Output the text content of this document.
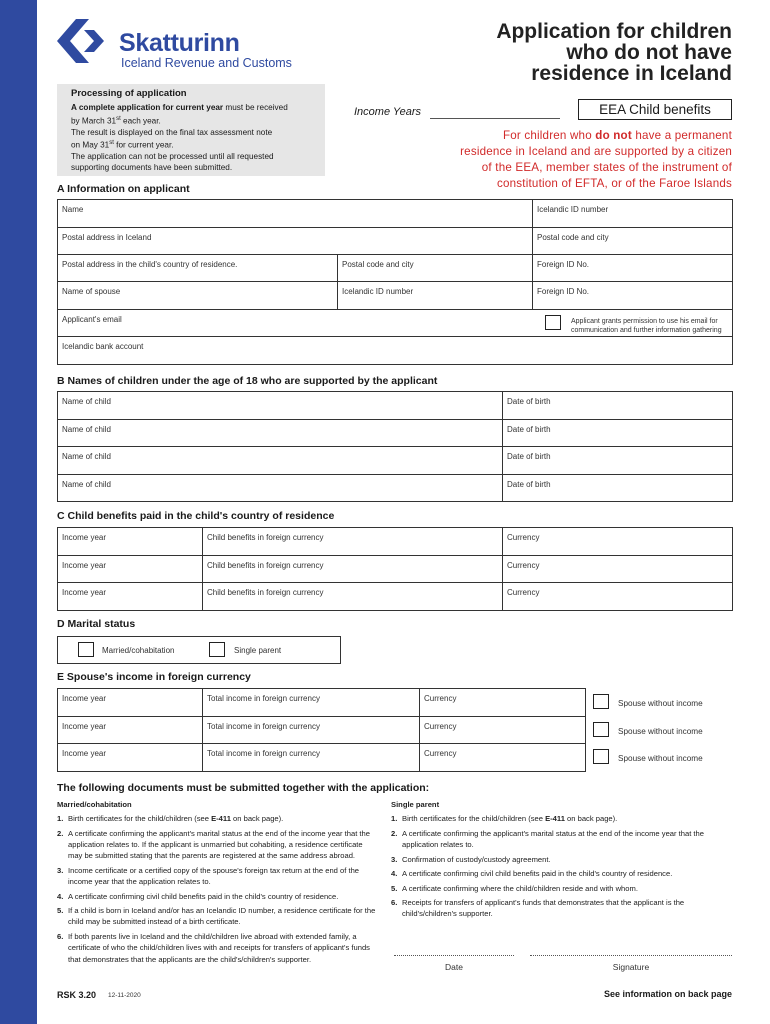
Skatturinn
Iceland Revenue and Customs
Application for children
who do not have
residence in Iceland
Processing of application
A complete application for current year must be received
by March 31st each year.
The result is displayed on the final tax assessment note
on May 31st for current year.
The application can not be processed until all requested
supporting documents have been submitted.
Income Years	EEA Child benefits
For children who do not have a permanent
residence in Iceland and are supported by a citizen
of the EEA, member states of the instrument of
constitution of EFTA, or of the Faroe Islands
A Information on applicant
Name	Icelandic ID number
Postal address in Iceland	Postal code and city
Postal address in the child's country of residence.	Postal code and city	Foreign ID No.
Name of spouse	Icelandic ID number	Foreign ID No.
Applicant's email	Applicant grants permission to use his email for
communication and further information gathering
Icelandic bank account
B Names of children under the age of 18 who are supported by the applicant
Name of child	Date of birth
Name of child	Date of birth
Name of child	Date of birth
Name of child	Date of birth
C Child benefits paid in the child's country of residence
Income year	Child benefits in foreign currency	Currency
Income year	Child benefits in foreign currency	Currency
Income year	Child benefits in foreign currency	Currency
D Marital status
Married/cohabitation	Single parent
E Spouse's income in foreign currency
Income year	Total income in foreign currency	Currency
Income year	Total income in foreign currency	Currency
Income year	Total income in foreign currency	Currency
Spouse without income
Spouse without income
Spouse without income
The following documents must be submitted together with the application:
Married/cohabitation
1. Birth certificates for the child/children (see E-411 on back page).
2. A certificate confirming the applicant's marital status at the end of the income year that the application relates to. If the applicant is unmarried but cohabiting, a residence certificate may be submitted stating that the parents are registered at the same address abroad.
3. Income certificate or a certified copy of the spouse's foreign tax return at the end of the income year that the application relates to.
4. A certificate confirming civil child benefits paid in the child's country of residence.
5. If a child is born in Iceland and/or has an Icelandic ID number, a residence certificate for the child may be submitted instead of a birth certificate.
6. If both parents live in Iceland and the child/children live abroad with extended family, a certificate of who the child/children lives with and receipts for transfers of applicant's funds that demonstrates that the applicants are the child's/children's supporter.
Single parent
1. Birth certificates for the child/children (see E-411 on back page).
2. A certificate confirming the applicant's marital status at the end of the income year that the application relates to.
3. Confirmation of custody/custody agreement.
4. A certificate confirming civil child benefits paid in the child's country of residence.
5. A certificate confirming where the child/children reside and with whom.
6. Receipts for transfers of applicant's funds that demonstrates that the applicant is the child's/children's supporter.
Date	Signature
RSK 3.20 12-11-2020	See information on back page
